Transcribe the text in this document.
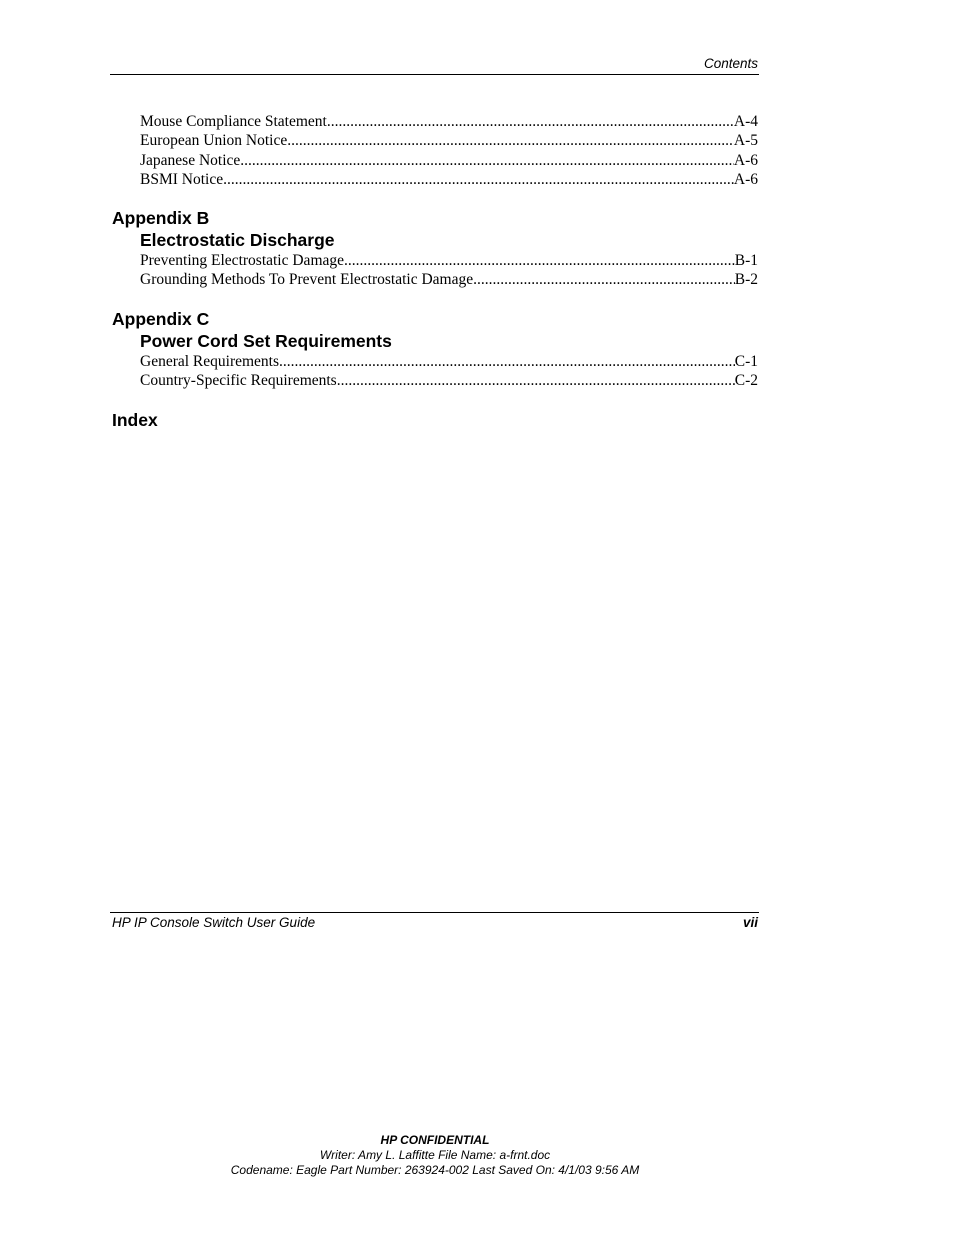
Contents
Mouse Compliance Statement .....	A-4
European Union Notice .....	A-5
Japanese Notice .....	A-6
BSMI Notice .....	A-6
Appendix B
Electrostatic Discharge
Preventing Electrostatic Damage .....	B-1
Grounding Methods To Prevent Electrostatic Damage .....	B-2
Appendix C
Power Cord Set Requirements
General Requirements .....	C-1
Country-Specific Requirements .....	C-2
Index
HP IP Console Switch User Guide	vii
HP CONFIDENTIAL
Writer: Amy L. Laffitte File Name: a-frnt.doc
Codename: Eagle Part Number: 263924-002 Last Saved On: 4/1/03 9:56 AM
